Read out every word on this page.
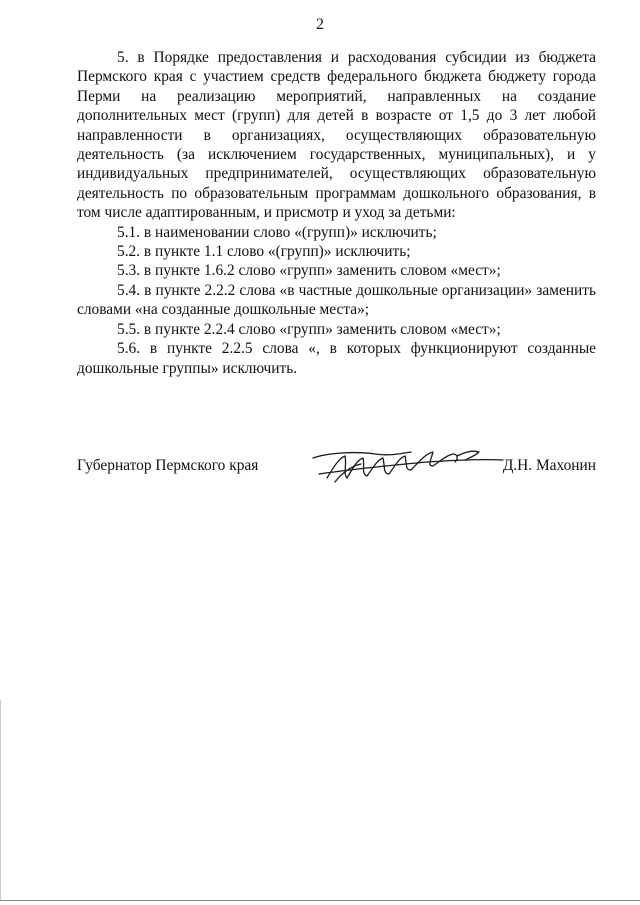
2

5. в Порядке предоставления и расходования субсидии из бюджета Пермского края с участием средств федерального бюджета бюджету города Перми на реализацию мероприятий, направленных на создание дополнительных мест (групп) для детей в возрасте от 1,5 до 3 лет любой направленности в организациях, осуществляющих образовательную деятельность (за исключением государственных, муниципальных), и у индивидуальных предпринимателей, осуществляющих образовательную деятельность по образовательным программам дошкольного образования, в том числе адаптированным, и присмотр и уход за детьми:

5.1. в наименовании слово «(групп)» исключить;

5.2. в пункте 1.1 слово «(групп)» исключить;

5.3. в пункте 1.6.2 слово «групп» заменить словом «мест»;

5.4. в пункте 2.2.2 слова «в частные дошкольные организации» заменить словами «на созданные дошкольные места»;

5.5. в пункте 2.2.4 слово «групп» заменить словом «мест»;

5.6. в пункте 2.2.5 слова «, в которых функционируют созданные дошкольные группы» исключить.

Губернатор Пермского края	Д.Н. Махонин
